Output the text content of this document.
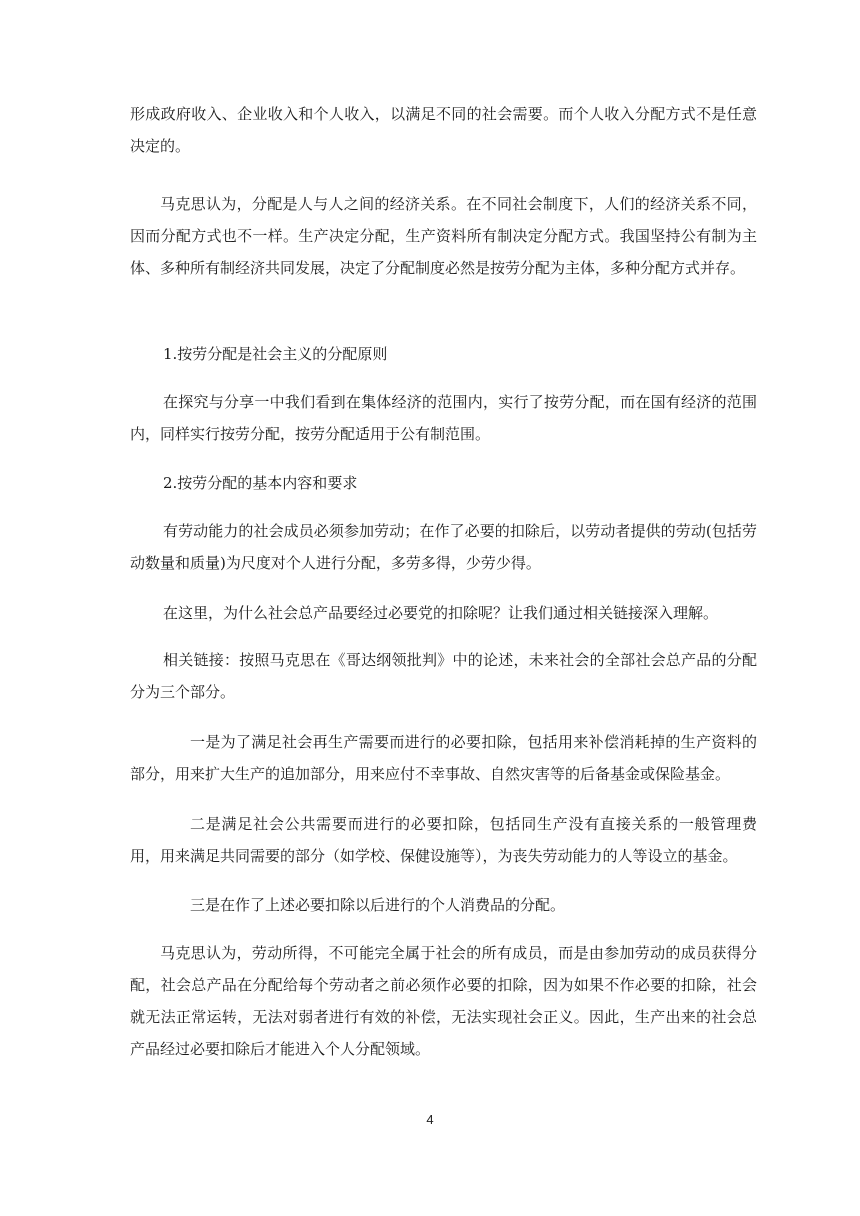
形成政府收入、企业收入和个人收入，以满足不同的社会需要。而个人收入分配方式不是任意决定的。

马克思认为，分配是人与人之间的经济关系。在不同社会制度下，人们的经济关系不同，因而分配方式也不一样。生产决定分配，生产资料所有制决定分配方式。我国坚持公有制为主体、多种所有制经济共同发展，决定了分配制度必然是按劳分配为主体，多种分配方式并存。

1.按劳分配是社会主义的分配原则

在探究与分享一中我们看到在集体经济的范围内，实行了按劳分配，而在国有经济的范围内，同样实行按劳分配，按劳分配适用于公有制范围。

2.按劳分配的基本内容和要求

有劳动能力的社会成员必须参加劳动；在作了必要的扣除后，以劳动者提供的劳动(包括劳动数量和质量)为尺度对个人进行分配，多劳多得，少劳少得。

在这里，为什么社会总产品要经过必要党的扣除呢？让我们通过相关链接深入理解。

相关链接：按照马克思在《哥达纲领批判》中的论述，未来社会的全部社会总产品的分配分为三个部分。

一是为了满足社会再生产需要而进行的必要扣除，包括用来补偿消耗掉的生产资料的部分，用来扩大生产的追加部分，用来应付不幸事故、自然灾害等的后备基金或保险基金。

二是满足社会公共需要而进行的必要扣除，包括同生产没有直接关系的一般管理费用，用来满足共同需要的部分（如学校、保健设施等），为丧失劳动能力的人等设立的基金。

三是在作了上述必要扣除以后进行的个人消费品的分配。

马克思认为，劳动所得，不可能完全属于社会的所有成员，而是由参加劳动的成员获得分配，社会总产品在分配给每个劳动者之前必须作必要的扣除，因为如果不作必要的扣除，社会就无法正常运转，无法对弱者进行有效的补偿，无法实现社会正义。因此，生产出来的社会总产品经过必要扣除后才能进入个人分配领域。

4
